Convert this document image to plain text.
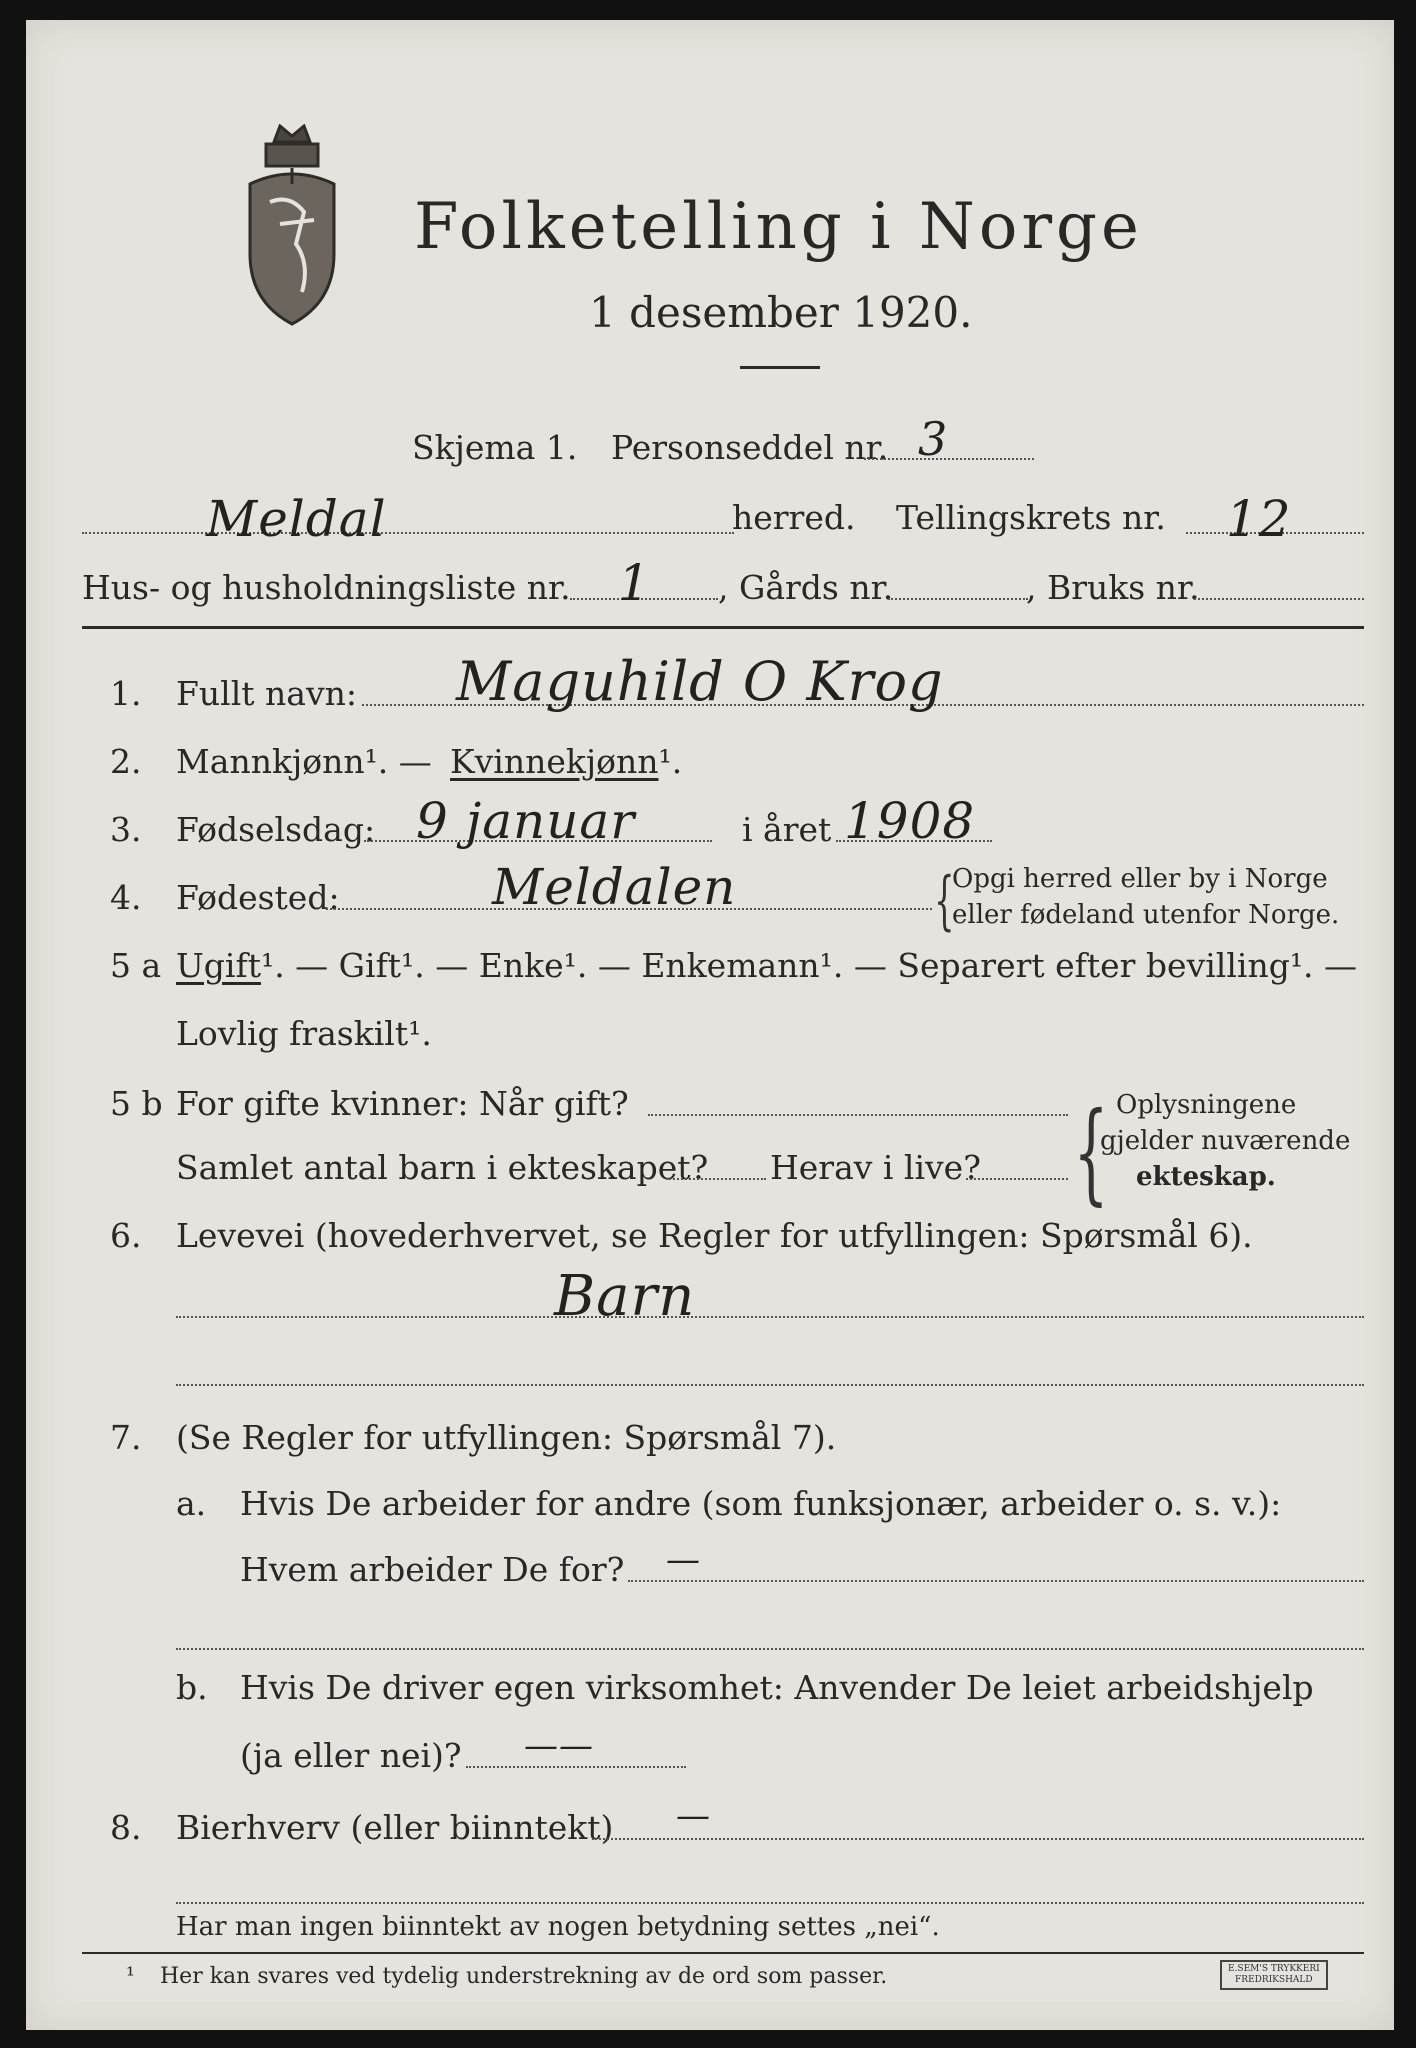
Folketelling i Norge
1 desember 1920.
Skjema 1. Personseddel nr. 3
Meldal	herred. Tellingskrets nr. 12
Hus- og husholdningsliste nr. 1 , Gårds nr.	, Bruks nr.
1. Fullt navn: Maguhild O Krog
2. Mannkjønn¹. — Kvinnekjønn¹.
3. Fødselsdag: 9 januar	i året 1908
4. Fødested:	Meldalen	{
Opgi herred eller by i Norge
eller fødeland utenfor Norge.
5 a Ugift¹. — Gift¹. — Enke¹. — Enkemann¹. — Separert efter bevilling¹. —
Lovlig fraskilt¹.
5 b For gifte kvinner: Når gift?
Samlet antal barn i ekteskapet? Herav i live? { Oplysningene
gjelder nuværende
ekteskap.
6. Levevei (hovederhvervet, se Regler for utfyllingen: Spørsmål 6).
Barn
7. (Se Regler for utfyllingen: Spørsmål 7).
a. Hvis De arbeider for andre (som funksjonær, arbeider o. s. v.):
Hvem arbeider De for? —
b. Hvis De driver egen virksomhet: Anvender De leiet arbeidshjelp
(ja eller nei)? ——
8. Bierhverv (eller biinntekt) —
Har man ingen biinntekt av nogen betydning settes „nei“.
¹ Her kan svares ved tydelig understrekning av de ord som passer.	E.SEM'S TRYKKERI
FREDRIKSHALD
